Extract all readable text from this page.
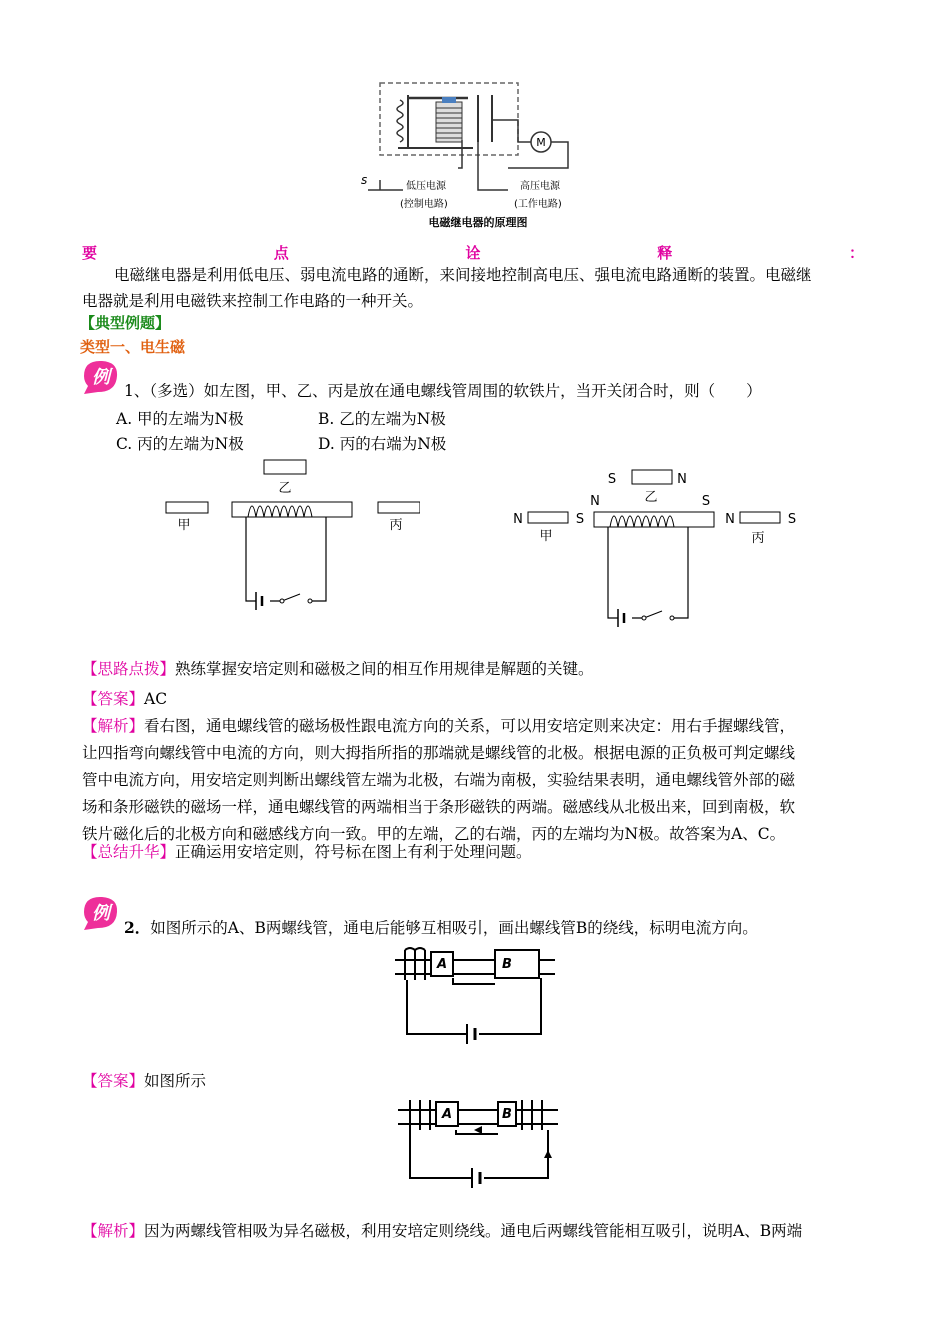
M
s	低压电源
(控制电路)
高压电源
(工作电路)
电磁继电器的原理图
要	点	诠	释	：
电磁继电器是利用低电压、弱电流电路的通断，来间接地控制高电压、强电流电路通断的装置。电磁继
电器就是利用电磁铁来控制工作电路的一种开关。
【典型例题】
类型一、电生磁
例
1、（多选）如左图，甲、乙、丙是放在通电螺线管周围的软铁片，当开关闭合时，则（　　）
A. 甲的左端为N极	B. 乙的左端为N极
C. 丙的左端为N极	D. 丙的右端为N极
乙
甲	丙
S	N
N	乙	S
N	S
甲
N	S
丙
【思路点拨】熟练掌握安培定则和磁极之间的相互作用规律是解题的关键。
【答案】AC
【解析】看右图，通电螺线管的磁场极性跟电流方向的关系，可以用安培定则来决定：用右手握螺线管，
让四指弯向螺线管中电流的方向，则大拇指所指的那端就是螺线管的北极。根据电源的正负极可判定螺线
管中电流方向，用安培定则判断出螺线管左端为北极，右端为南极，实验结果表明，通电螺线管外部的磁
场和条形磁铁的磁场一样，通电螺线管的两端相当于条形磁铁的两端。磁感线从北极出来，回到南极，软
铁片磁化后的北极方向和磁感线方向一致。甲的左端，乙的右端，丙的左端均为N极。故答案为A、C。
【总结升华】正确运用安培定则，符号标在图上有利于处理问题。
例
2．如图所示的A、B两螺线管，通电后能够互相吸引，画出螺线管B的绕线，标明电流方向。
A	B
【答案】如图所示
A	B
【解析】因为两螺线管相吸为异名磁极，利用安培定则绕线。通电后两螺线管能相互吸引，说明A、B两端
